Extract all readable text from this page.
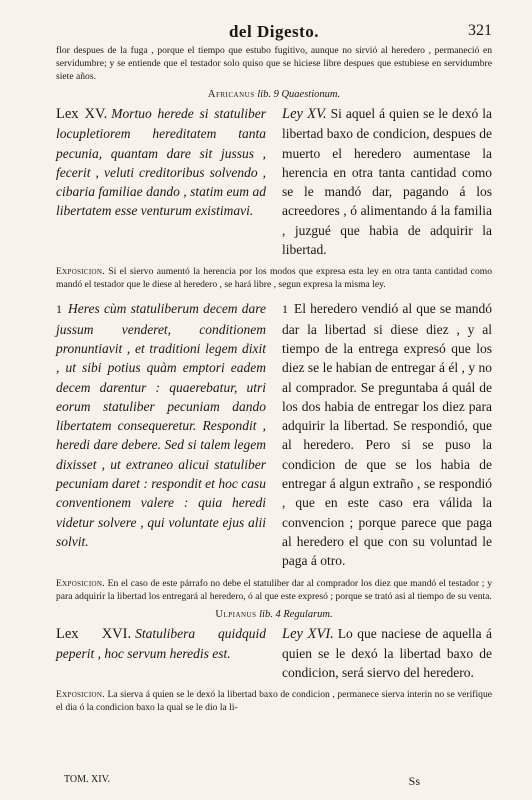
del Digesto.	321

flor despues de la fuga , porque el tiempo que estubo fugitivo, aunque no sirvió al heredero , permaneció en servidumbre; y se entiende que el testador solo quiso que se hiciese libre despues que estubiese en servidumbre siete años.

Africanus lib. 9 Quaestionum.

Lex XV. Mortuo herede si statuliber locupletiorem hereditatem tanta pecunia, quantam dare sit jussus , fecerit , veluti creditoribus solvendo , cibaria familiae dando , statim eum ad libertatem esse venturum existimavi.

Ley XV. Si aquel á quien se le dexó la libertad baxo de condicion, despues de muerto el heredero aumentase la herencia en otra tanta cantidad como se le mandó dar, pagando á los acreedores , ó alimentando á la familia , juzgué que habia de adquirir la libertad.

Exposicion. Si el siervo aumentó la herencia por los modos que expresa esta ley en otra tanta cantidad como mandó el testador que le diese al heredero , se hará libre , segun expresa la misma ley.

1 Heres cùm statuliberum decem dare jussum venderet, conditionem pronuntiavit , et traditioni legem dixit , ut sibi potius quàm emptori eadem decem darentur : quaerebatur, utri eorum statuliber pecuniam dando libertatem consequeretur. Respondit , heredi dare debere. Sed si talem legem dixisset , ut extraneo alicui statuliber pecuniam daret : respondit et hoc casu conventionem valere : quia heredi videtur solvere , qui voluntate ejus alii solvit.

1 El heredero vendió al que se mandó dar la libertad si diese diez , y al tiempo de la entrega expresó que los diez se le habian de entregar á él , y no al comprador. Se preguntaba á quál de los dos habia de entregar los diez para adquirir la libertad. Se respondió, que al heredero. Pero si se puso la condicion de que se los habia de entregar á algun extraño , se respondió , que en este caso era válida la convencion ; porque parece que paga al heredero el que con su voluntad le paga á otro.

Exposicion. En el caso de este párrafo no debe el statuliber dar al comprador los diez que mandó el testador ; y para adquirir la libertad los entregará al heredero, ó al que este expresó ; porque se trató asi al tiempo de su venta.

Ulpianus lib. 4 Regularum.

Lex XVI. Statulibera quidquid peperit , hoc servum heredis est.

Ley XVI. Lo que naciese de aquella á quien se le dexó la libertad baxo de condicion, será siervo del heredero.

Exposicion. La sierva á quien se le dexó la libertad baxo de condicion , permanece sierva interin no se verifique el dia ó la condicion baxo la qual se le dio la li-

TOM. XIV.	Ss
